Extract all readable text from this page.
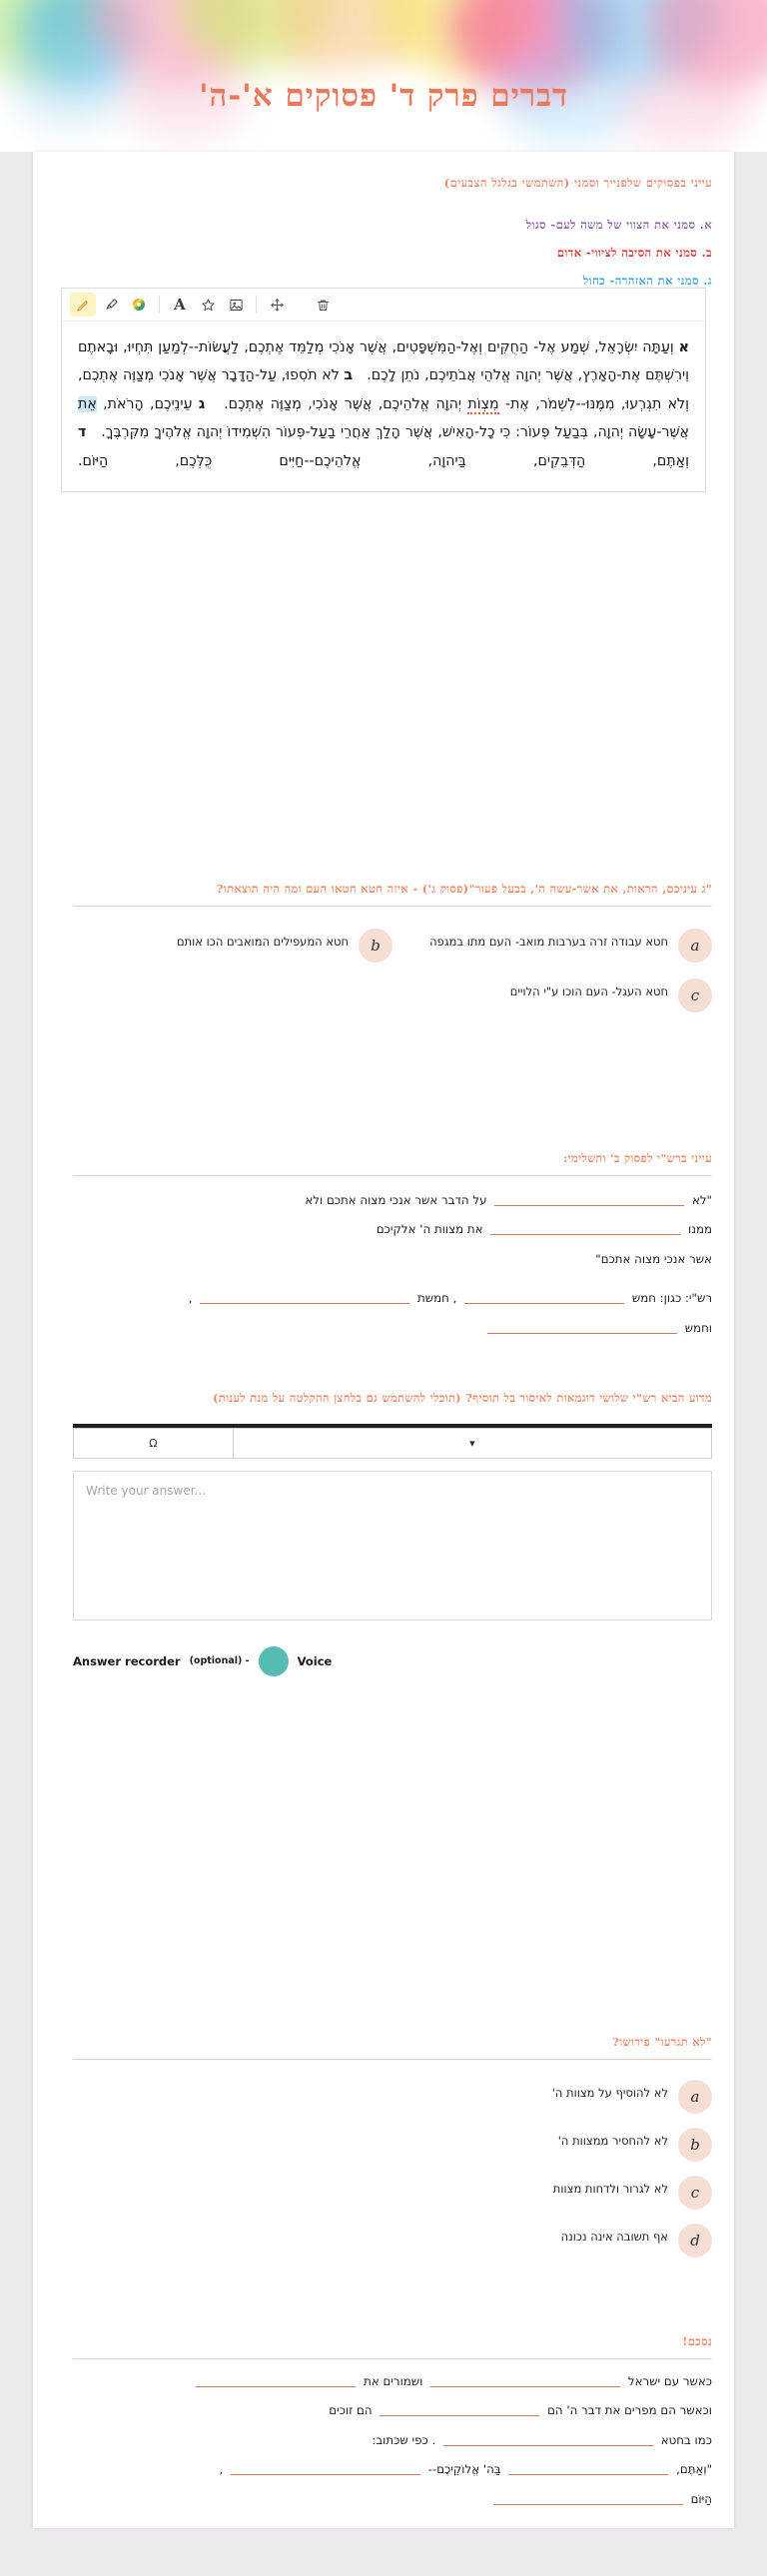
דברים פרק ד' פסוקים א'-ה'
עייני בפסוקים שלפנייך וסמני (השתמשי בגלגל הצבעים)
א. סמני את הצווי של משה לעם- סגול
ב. סמני את הסיבה לציווי- אדום
ג. סמני את האזהרה- כחול
A
א וְעַתָּה יִשְׂרָאֵל, שְׁמַע אֶל- הַחֻקִּים וְאֶל-הַמִּשְׁפָּטִים, אֲשֶׁר אָנֹכִי מְלַמֵּד אֶתְכֶם, לַעֲשׂוֹת--לְמַעַן תִּחְיוּ, וּבָאתֶם וִירִשְׁתֶּם אֶת-הָאָרֶץ, אֲשֶׁר יְהוָה אֱלֹהֵי אֲבֹתֵיכֶם, נֹתֵן לָכֶם.   ב לֹא תֹסִפוּ, עַל-הַדָּבָר אֲשֶׁר אָנֹכִי מְצַוֶּה אֶתְכֶם, וְלֹא תִגְרְעוּ, מִמֶּנּוּ--לִשְׁמֹר, אֶת- מִצְוֺת יְהוָה אֱלֹהֵיכֶם, אֲשֶׁר אָנֹכִי, מְצַוֶּה אֶתְכֶם.   ג עֵינֵיכֶם, הָרֹאֹת, אֵת אֲשֶׁר-עָשָׂה יְהוָה, בְּבַעַל פְּעוֹר: כִּי כָל-הָאִישׁ, אֲשֶׁר הָלַךְ אַחֲרֵי בַעַל-פְּעוֹר הִשְׁמִידוֹ יְהוָה אֱלֹהֶיךָ מִקִּרְבֶּךָ.   ד וְאַתֶּם, הַדְּבֵקִים, בַּיהוָה, אֱלֹהֵיכֶם--חַיִּים כֻּלְּכֶם, הַיּוֹם.
"ג עיניכם, הראות, את אשר-עשה ה', בבעל פעור"(פסוק ג') - איזה חטא חטאו העם ומה היה תוצאתו?
a
חטא עבודה זרה בערבות מואב- העם מתו במגפה
b
חטא המעפילים המואבים הכו אותם
c
חטא העגל- העם הוכו ע"י הלויים
עייני ברש"י לפסוק ב' והשלימי:
"לא  על הדבר אשר אנכי מצוה אתכם ולא
ממנו  את מצוות ה' אלקיכם
אשר אנכי מצוה אתכם"
רש"י: כגון: חמש  , חמשת  ,
וחמש
מדוע הביא רש"י שלושי דוגמאות לאיסור בל תוסיף? (תוכלי להשתמש גם בלחצן ההקלטה על מנת לענות)
▾	Ω
Write your answer...
Answer recorder (optional) -	Voice
"לא תגרעו" פירושו?
a
לא להוסיף על מצוות ה'
b
לא להחסיר ממצוות ה'
c
לא לגרור ולדחות מצוות
d
אף תשובה אינה נכונה
נסכם!
כאשר עם ישראל  ושמורים את
וכאשר הם מפרים את דבר ה' הם  הם זוכים
כמו בחטא  . כפי שכתוב:
"וְאַתֶּם,  בַּה' אֱלוֹקֵיכֶם--  ,
הַיּוֹם
